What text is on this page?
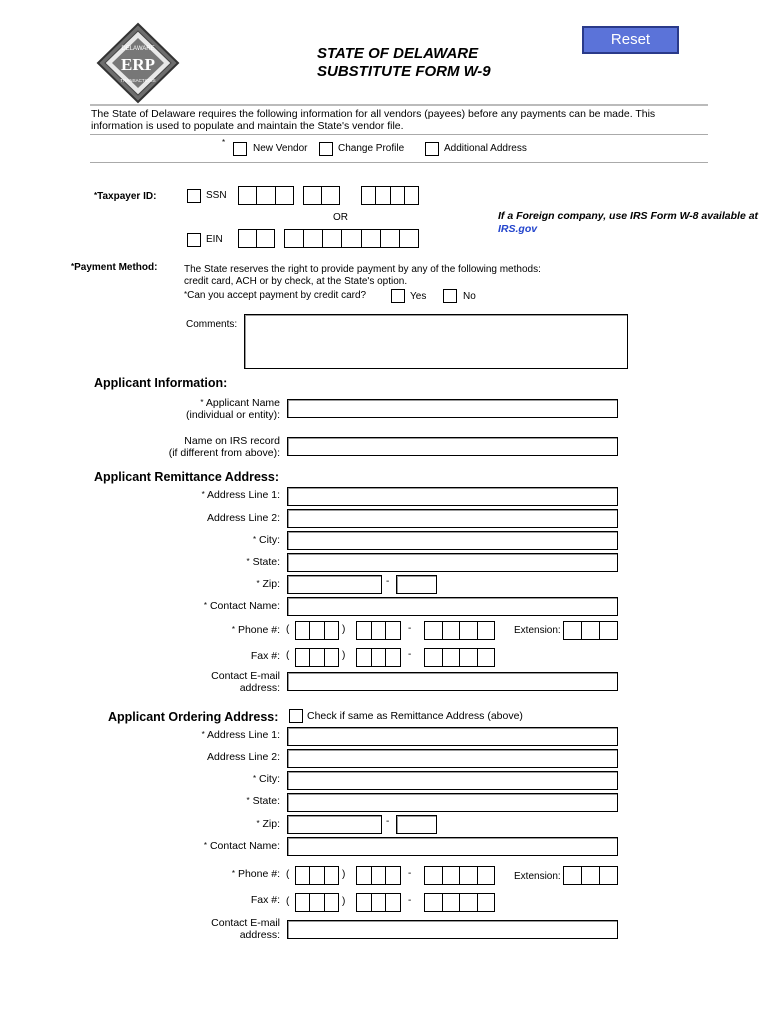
DELAWARE
ERP
TRANSACTIONS
STATE OF DELAWARE
SUBSTITUTE FORM W-9
Reset
The State of Delaware requires the following information for all vendors (payees) before any payments can be made. This information is used to populate and maintain the State's vendor file.
*
New Vendor	Change Profile	Additional Address
*Taxpayer ID:	SSN
OR	If a Foreign company, use IRS Form W-8 available at IRS.gov
EIN
*Payment Method:	The State reserves the right to provide payment by any of the following methods: credit card, ACH or by check, at the State's option.
*Can you accept payment by credit card?	Yes	No
Comments:
Applicant Information:
* Applicant Name
(individual or entity):
Name on IRS record
(if different from above):
Applicant Remittance Address:
* Address Line 1:
Address Line 2:
* City:
* State:
* Zip:	-
* Contact Name:
* Phone #: (	)	-	Extension:
Fax #: (	)	-
Contact E-mail
address:
Applicant Ordering Address:	Check if same as Remittance Address (above)
* Address Line 1:
Address Line 2:
* City:
* State:
* Zip:	-
* Contact Name:
* Phone #: (	)	-	Extension:
Fax #: (	)	-
Contact E-mail
address:
